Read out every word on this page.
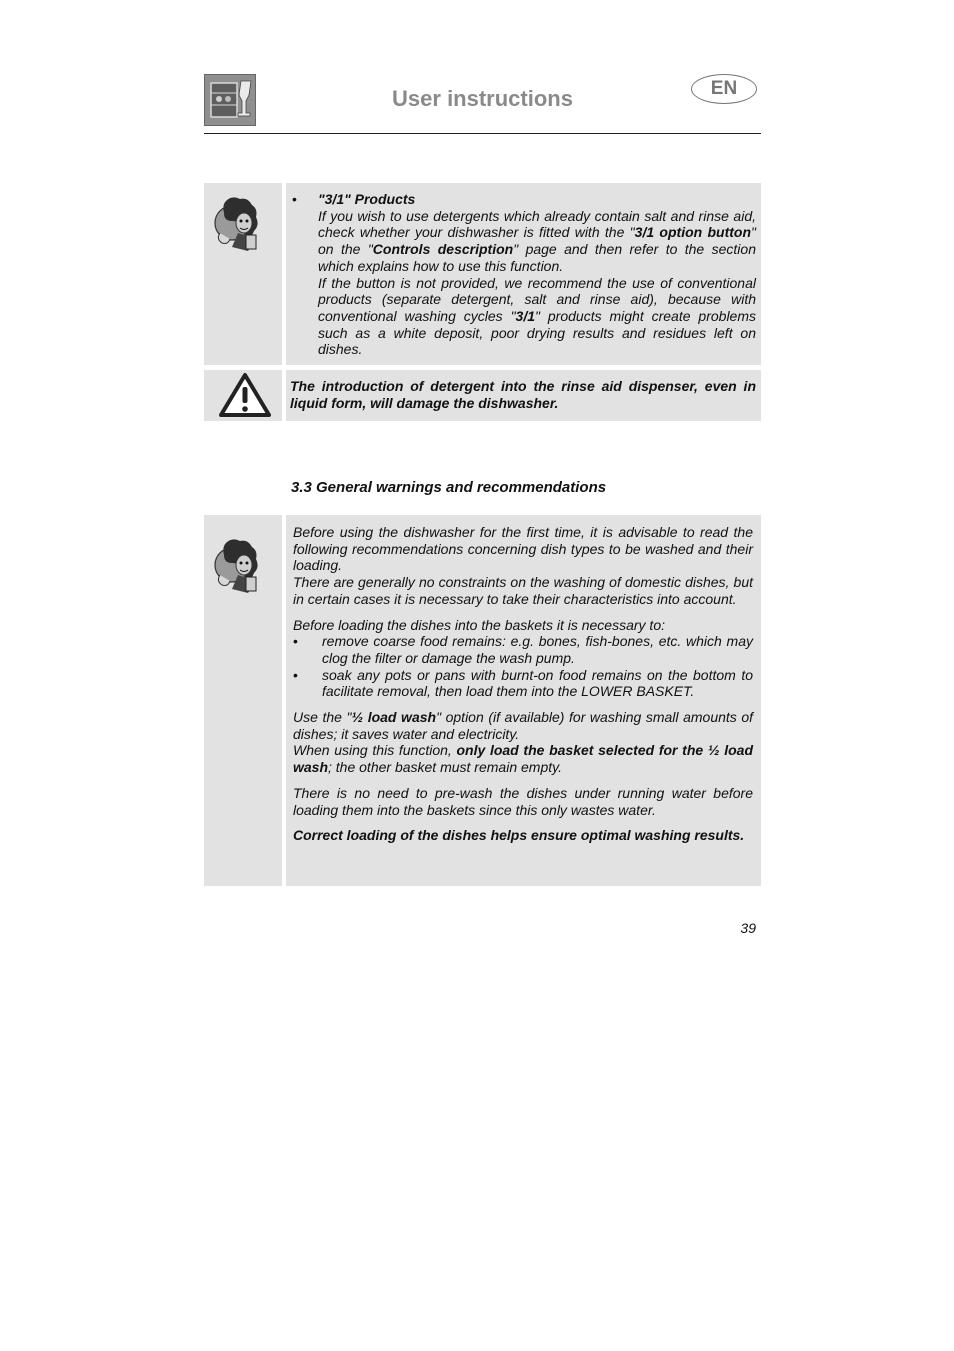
User instructions	EN
• "3/1" Products

If you wish to use detergents which already contain salt and rinse aid, check whether your dishwasher is fitted with the "3/1 option button" on the "Controls description" page and then refer to the section which explains how to use this function.

If the button is not provided, we recommend the use of conventional products (separate detergent, salt and rinse aid), because with conventional washing cycles "3/1" products might create problems such as a white deposit, poor drying results and residues left on dishes.

The introduction of detergent into the rinse aid dispenser, even in liquid form, will damage the dishwasher.

3.3 General warnings and recommendations

Before using the dishwasher for the first time, it is advisable to read the following recommendations concerning dish types to be washed and their loading.

There are generally no constraints on the washing of domestic dishes, but in certain cases it is necessary to take their characteristics into account.

Before loading the dishes into the baskets it is necessary to:

• remove coarse food remains: e.g. bones, fish-bones, etc. which may clog the filter or damage the wash pump.

• soak any pots or pans with burnt-on food remains on the bottom to facilitate removal, then load them into the LOWER BASKET.

Use the "½ load wash" option (if available) for washing small amounts of dishes; it saves water and electricity.

When using this function, only load the basket selected for the ½ load wash; the other basket must remain empty.

There is no need to pre-wash the dishes under running water before loading them into the baskets since this only wastes water.

Correct loading of the dishes helps ensure optimal washing results.

39
